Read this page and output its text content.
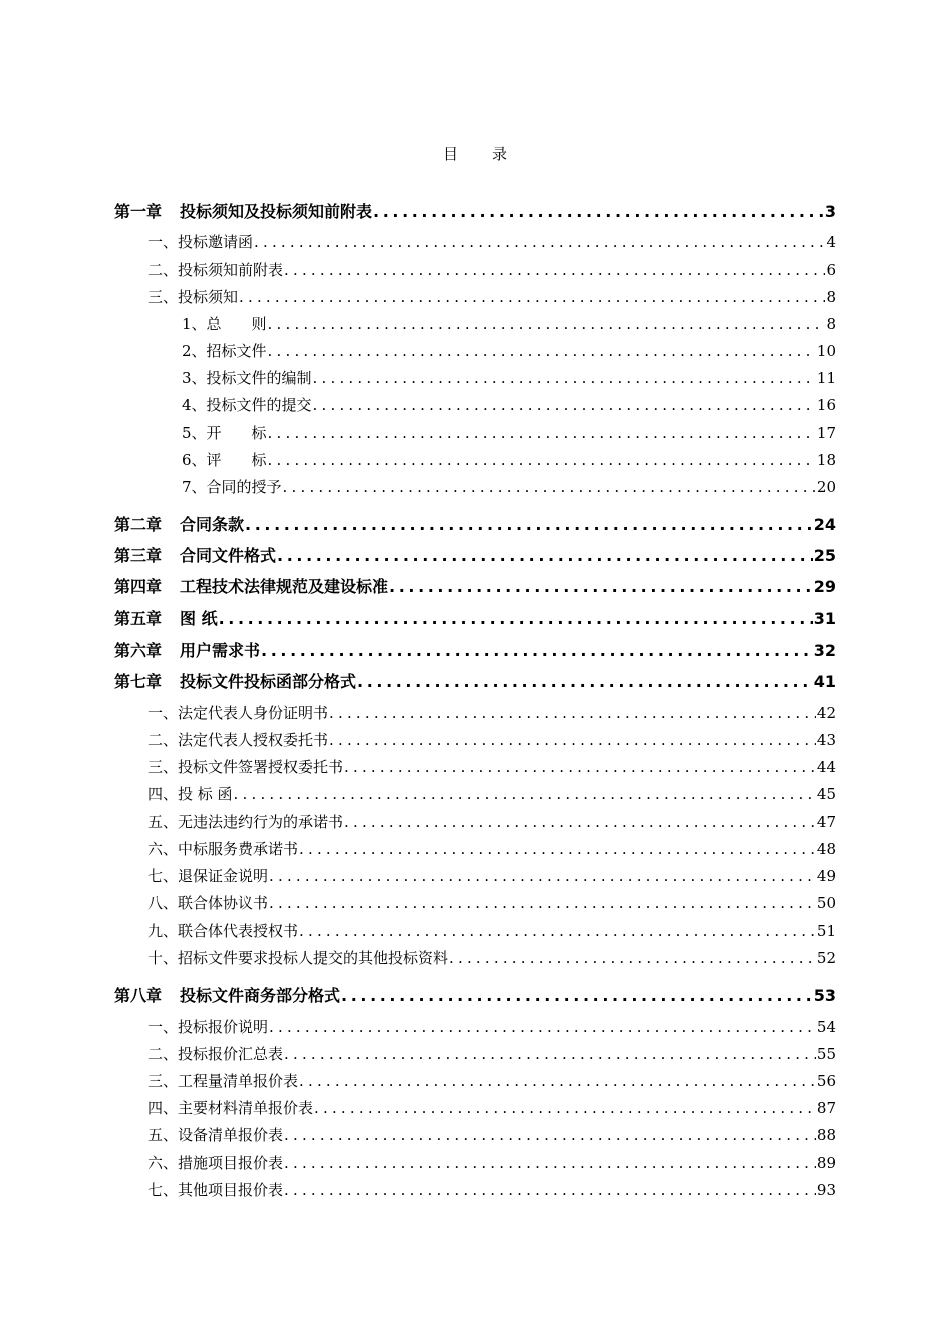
目 录
第一章 投标须知及投标须知前附表 .....	3
一、投标邀请函 .....	4
二、投标须知前附表 .....	6
三、投标须知 .....	8
1、总　　则 .....	8
2、招标文件 .....	10
3、投标文件的编制 .....	11
4、投标文件的提交 .....	16
5、开　　标 .....	17
6、评　　标 .....	18
7、合同的授予 .....	20
第二章 合同条款 .....	24
第三章 合同文件格式 .....	25
第四章 工程技术法律规范及建设标准 .....	29
第五章 图 纸 .....	31
第六章 用户需求书 .....	32
第七章 投标文件投标函部分格式 .....	41
一、法定代表人身份证明书 .....	42
二、法定代表人授权委托书 .....	43
三、投标文件签署授权委托书 .....	44
四、投 标 函 .....	45
五、无违法违约行为的承诺书 .....	47
六、中标服务费承诺书 .....	48
七、退保证金说明 .....	49
八、联合体协议书 .....	50
九、联合体代表授权书 .....	51
十、招标文件要求投标人提交的其他投标资料 .....	52
第八章 投标文件商务部分格式 .....	53
一、投标报价说明 .....	54
二、投标报价汇总表 .....	55
三、工程量清单报价表 .....	56
四、主要材料清单报价表 .....	87
五、设备清单报价表 .....	88
六、措施项目报价表 .....	89
七、其他项目报价表 .....	93
